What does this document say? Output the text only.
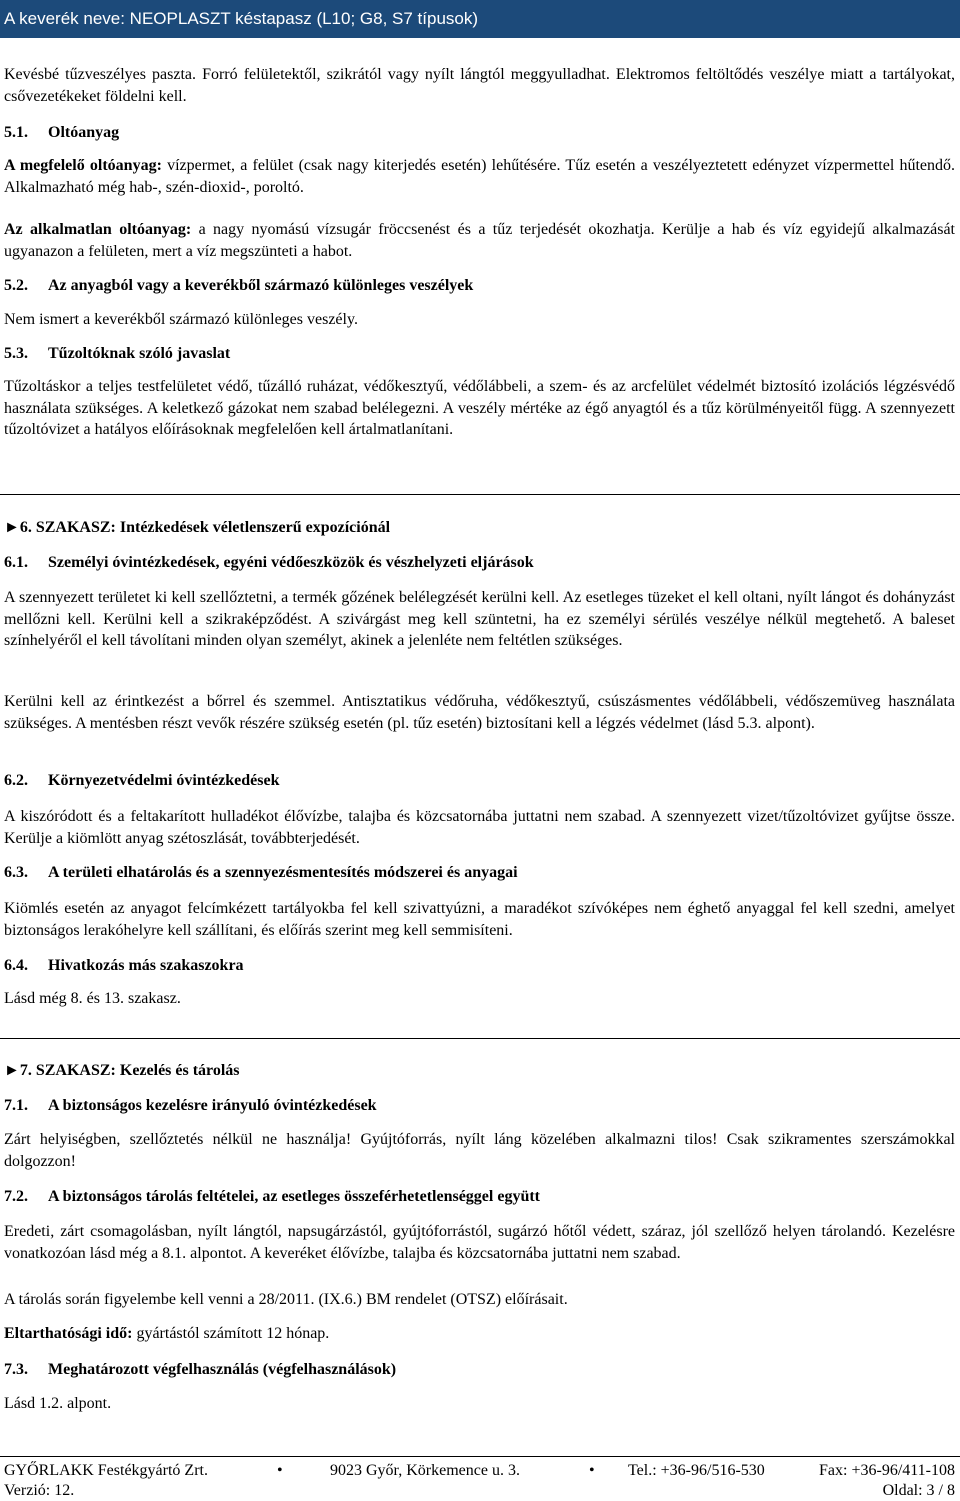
A keverék neve: NEOPLASZT késtapasz (L10; G8, S7 típusok)

Kevésbé tűzveszélyes paszta. Forró felületektől, szikrától vagy nyílt lángtól meggyulladhat. Elektromos feltöltődés veszélye miatt a tartályokat, csővezetékeket földelni kell.

5.1. Oltóanyag

A megfelelő oltóanyag: vízpermet, a felület (csak nagy kiterjedés esetén) lehűtésére. Tűz esetén a veszélyeztetett edényzet vízpermettel hűtendő. Alkalmazható még hab-, szén-dioxid-, poroltó.

Az alkalmatlan oltóanyag: a nagy nyomású vízsugár fröccsenést és a tűz terjedését okozhatja. Kerülje a hab és víz egyidejű alkalmazását ugyanazon a felületen, mert a víz megszünteti a habot.

5.2. Az anyagból vagy a keverékből származó különleges veszélyek

Nem ismert a keverékből származó különleges veszély.

5.3. Tűzoltóknak szóló javaslat

Tűzoltáskor a teljes testfelületet védő, tűzálló ruházat, védőkesztyű, védőlábbeli, a szem- és az arcfelület védelmét biztosító izolációs légzésvédő használata szükséges. A keletkező gázokat nem szabad belélegezni. A veszély mértéke az égő anyagtól és a tűz körülményeitől függ. A szennyezett tűzoltóvizet a hatályos előírásoknak megfelelően kell ártalmatlanítani.

►6. SZAKASZ: Intézkedések véletlenszerű expozíciónál

6.1. Személyi óvintézkedések, egyéni védőeszközök és vészhelyzeti eljárások

A szennyezett területet ki kell szellőztetni, a termék gőzének belélegzését kerülni kell. Az esetleges tüzeket el kell oltani, nyílt lángot és dohányzást mellőzni kell. Kerülni kell a szikraképződést. A szivárgást meg kell szüntetni, ha ez személyi sérülés veszélye nélkül megtehető. A baleset színhelyéről el kell távolítani minden olyan személyt, akinek a jelenléte nem feltétlen szükséges.

Kerülni kell az érintkezést a bőrrel és szemmel. Antisztatikus védőruha, védőkesztyű, csúszásmentes védőlábbeli, védőszemüveg használata szükséges. A mentésben részt vevők részére szükség esetén (pl. tűz esetén) biztosítani kell a légzés védelmet (lásd 5.3. alpont).

6.2. Környezetvédelmi óvintézkedések

A kiszóródott és a feltakarított hulladékot élővízbe, talajba és közcsatornába juttatni nem szabad. A szennyezett vizet/tűzoltóvizet gyűjtse össze. Kerülje a kiömlött anyag szétoszlását, továbbterjedését.

6.3. A területi elhatárolás és a szennyezésmentesítés módszerei és anyagai

Kiömlés esetén az anyagot felcímkézett tartályokba fel kell szivattyúzni, a maradékot szívóképes nem éghető anyaggal fel kell szedni, amelyet biztonságos lerakóhelyre kell szállítani, és előírás szerint meg kell semmisíteni.

6.4. Hivatkozás más szakaszokra

Lásd még 8. és 13. szakasz.

►7. SZAKASZ: Kezelés és tárolás

7.1. A biztonságos kezelésre irányuló óvintézkedések

Zárt helyiségben, szellőztetés nélkül ne használja! Gyújtóforrás, nyílt láng közelében alkalmazni tilos! Csak szikramentes szerszámokkal dolgozzon!

7.2. A biztonságos tárolás feltételei, az esetleges összeférhetetlenséggel együtt

Eredeti, zárt csomagolásban, nyílt lángtól, napsugárzástól, gyújtóforrástól, sugárzó hőtől védett, száraz, jól szellőző helyen tárolandó. Kezelésre vonatkozóan lásd még a 8.1. alpontot. A keveréket élővízbe, talajba és közcsatornába juttatni nem szabad.

A tárolás során figyelembe kell venni a 28/2011. (IX.6.) BM rendelet (OTSZ) előírásait.

Eltarthatósági idő: gyártástól számított 12 hónap.

7.3. Meghatározott végfelhasználás (végfelhasználások)

Lásd 1.2. alpont.

GYŐRLAKK Festékgyártó Zrt.	•	9023 Győr, Körkemence u. 3.	• Tel.: +36-96/516-530	Fax: +36-96/411-108
Verzió: 12.	Oldal: 3 / 8
